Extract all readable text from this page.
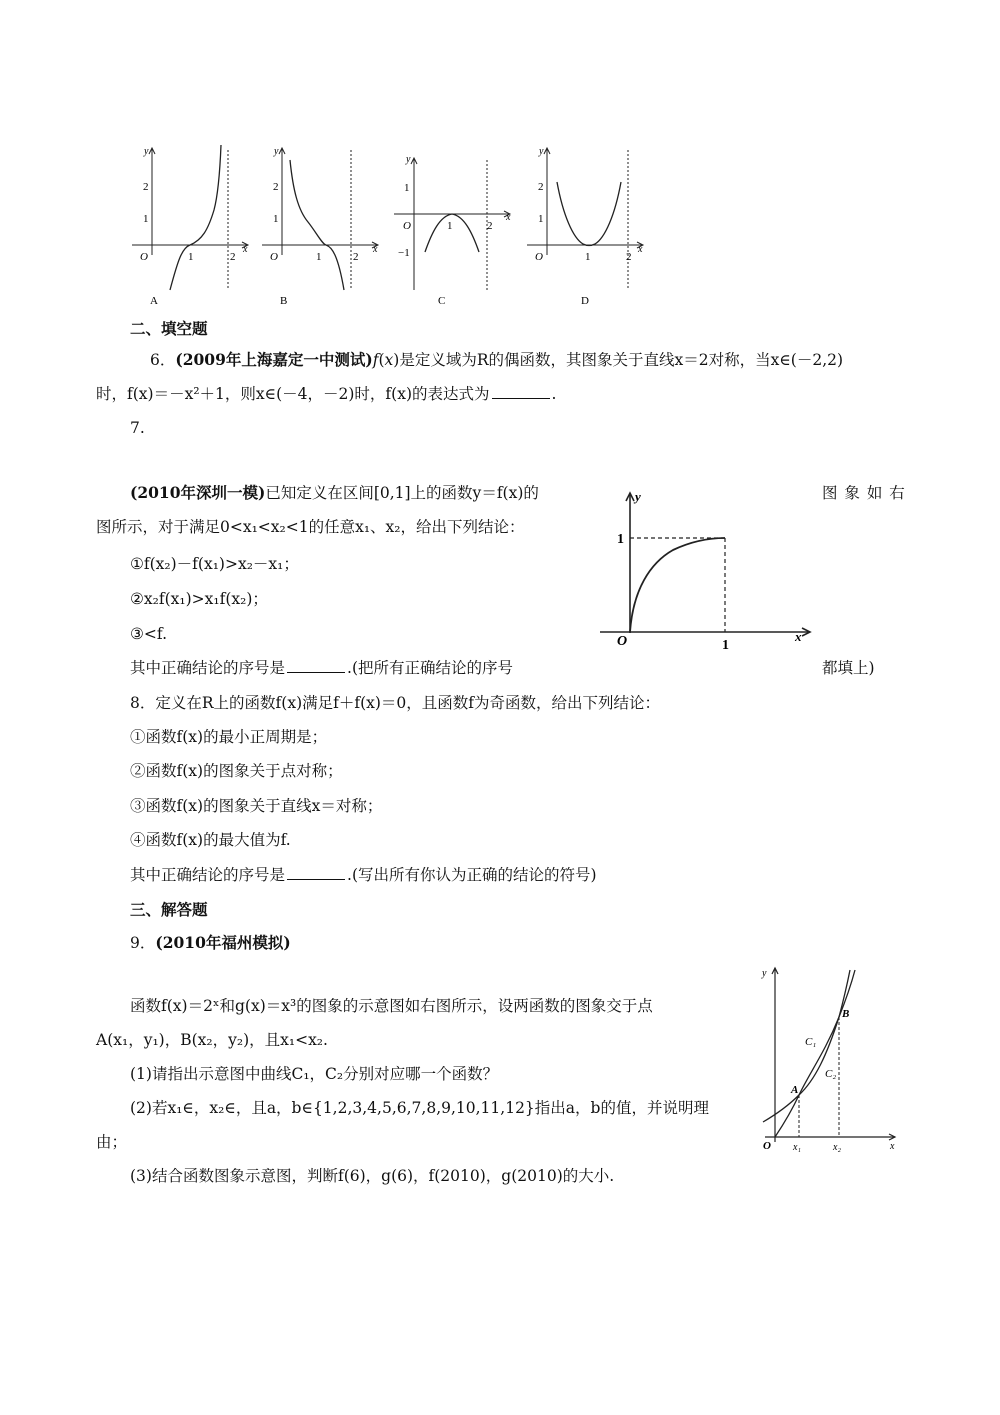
y
2
1
O	1	2
x
A
y
2
1
O	1	2
x
B
y
1
−1
O	1	2
x
C
y
2
1
O	1	2
x
D
二、填空题
6．(2009年上海嘉定一中测试)f(x)是定义域为R的偶函数，其图象关于直线x＝2对称，当x∈(－2,2)
时，f(x)＝－x²＋1，则x∈(－4，－2)时，f(x)的表达式为	.
7.
(2010年深圳一模)已知定义在区间[0,1]上的函数y＝f(x)的	图 象 如 右
图所示，对于满足0<x₁<x₂<1的任意x₁、x₂，给出下列结论：
①f(x₂)－f(x₁)>x₂－x₁；
②x₂f(x₁)>x₁f(x₂)；
③<f.
其中正确结论的序号是	.(把所有正确结论的序号	都填上)
y
1
O	1
x
8．定义在R上的函数f(x)满足f＋f(x)＝0，且函数f为奇函数，给出下列结论：
①函数f(x)的最小正周期是；
②函数f(x)的图象关于点对称；
③函数f(x)的图象关于直线x＝对称；
④函数f(x)的最大值为f.
其中正确结论的序号是	.(写出所有你认为正确的结论的符号)
三、解答题
9．(2010年福州模拟)
函数f(x)＝2ˣ和g(x)＝x³的图象的示意图如右图所示，设两函数的图象交于点
A(x₁，y₁)，B(x₂，y₂)，且x₁<x₂.
(1)请指出示意图中曲线C₁，C₂分别对应哪一个函数？
(2)若x₁∈，x₂∈，且a，b∈{1,2,3,4,5,6,7,8,9,10,11,12}指出a，b的值，并说明理
由；
(3)结合函数图象示意图，判断f(6)，g(6)，f(2010)，g(2010)的大小.
y
O	x
A
B
C₁
C₂
x₁	x₂
